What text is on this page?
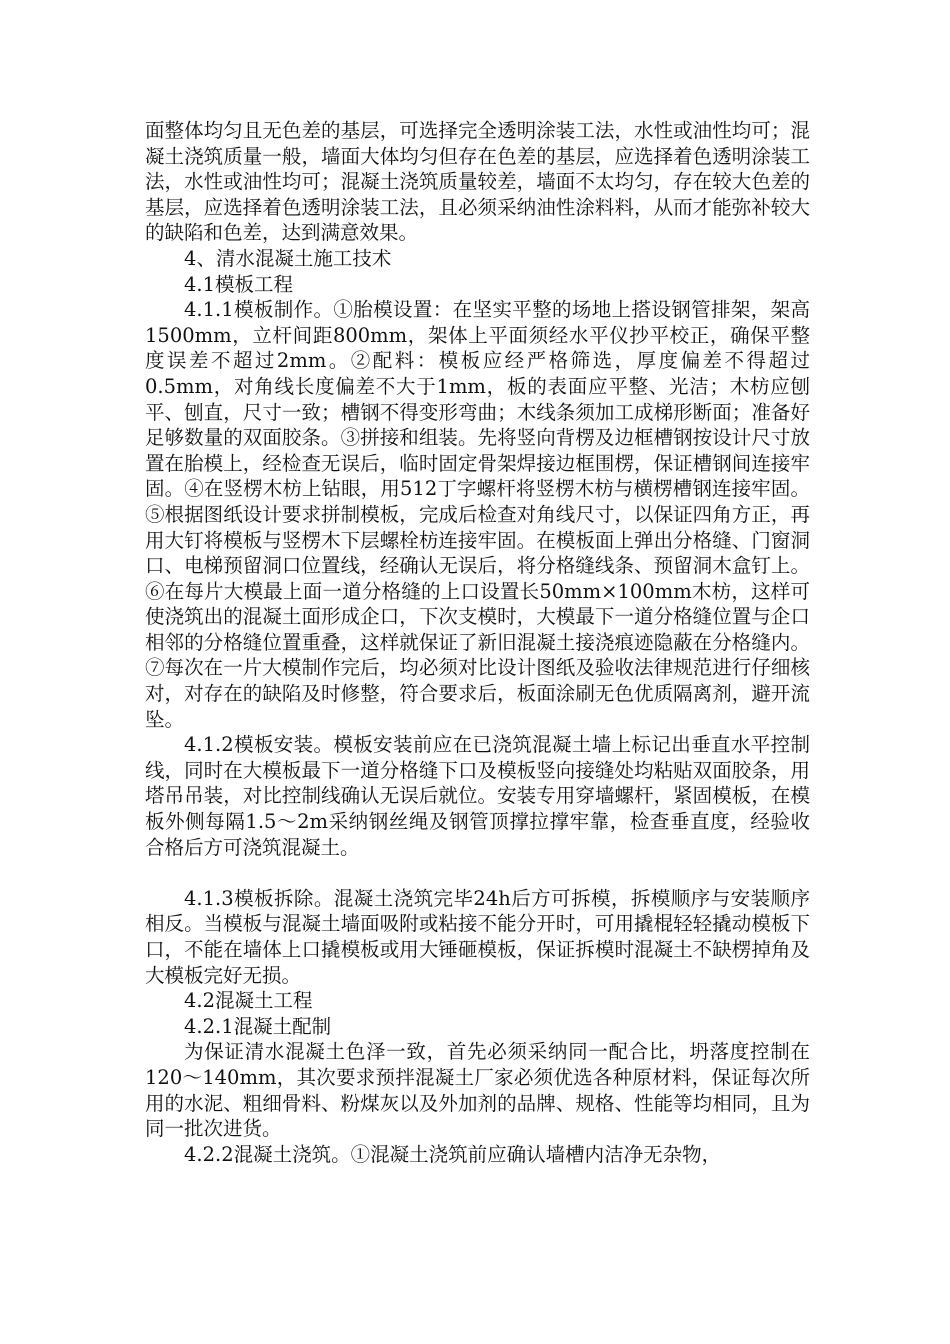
面整体均匀且无色差的基层，可选择完全透明涂装工法，水性或油性均可；混凝土浇筑质量一般，墙面大体均匀但存在色差的基层，应选择着色透明涂装工法，水性或油性均可；混凝土浇筑质量较差，墙面不太均匀，存在较大色差的基层，应选择着色透明涂装工法，且必须采纳油性涂料料，从而才能弥补较大的缺陷和色差，达到满意效果。

4、清水混凝土施工技术

4.1模板工程

4.1.1模板制作。①胎模设置：在坚实平整的场地上搭设钢管排架，架高1500mm，立杆间距800mm，架体上平面须经水平仪抄平校正，确保平整度误差不超过2mm。②配料：模板应经严格筛选，厚度偏差不得超过0.5mm，对角线长度偏差不大于1mm，板的表面应平整、光洁；木枋应刨平、刨直，尺寸一致；槽钢不得变形弯曲；木线条须加工成梯形断面；准备好足够数量的双面胶条。③拼接和组装。先将竖向背楞及边框槽钢按设计尺寸放置在胎模上，经检查无误后，临时固定骨架焊接边框围楞，保证槽钢间连接牢固。④在竖楞木枋上钻眼，用512丁字螺杆将竖楞木枋与横楞槽钢连接牢固。⑤根据图纸设计要求拼制模板，完成后检查对角线尺寸，以保证四角方正，再用大钉将模板与竖楞木下层螺栓枋连接牢固。在模板面上弹出分格缝、门窗洞口、电梯预留洞口位置线，经确认无误后，将分格缝线条、预留洞木盒钉上。⑥在每片大模最上面一道分格缝的上口设置长50mm×100mm木枋，这样可使浇筑出的混凝土面形成企口，下次支模时，大模最下一道分格缝位置与企口相邻的分格缝位置重叠，这样就保证了新旧混凝土接浇痕迹隐蔽在分格缝内。⑦每次在一片大模制作完后，均必须对比设计图纸及验收法律规范进行仔细核对，对存在的缺陷及时修整，符合要求后，板面涂刷无色优质隔离剂，避开流坠。

4.1.2模板安装。模板安装前应在已浇筑混凝土墙上标记出垂直水平控制线，同时在大模板最下一道分格缝下口及模板竖向接缝处均粘贴双面胶条，用塔吊吊装，对比控制线确认无误后就位。安装专用穿墙螺杆，紧固模板，在模板外侧每隔1.5～2m采纳钢丝绳及钢管顶撑拉撑牢靠，检查垂直度，经验收合格后方可浇筑混凝土。

4.1.3模板拆除。混凝土浇筑完毕24h后方可拆模，拆模顺序与安装顺序相反。当模板与混凝土墙面吸附或粘接不能分开时，可用撬棍轻轻撬动模板下口，不能在墙体上口撬模板或用大锤砸模板，保证拆模时混凝土不缺楞掉角及大模板完好无损。

4.2混凝土工程

4.2.1混凝土配制

为保证清水混凝土色泽一致，首先必须采纳同一配合比，坍落度控制在120～140mm，其次要求预拌混凝土厂家必须优选各种原材料，保证每次所用的水泥、粗细骨料、粉煤灰以及外加剂的品牌、规格、性能等均相同，且为同一批次进货。

4.2.2混凝土浇筑。①混凝土浇筑前应确认墙槽内洁净无杂物，
